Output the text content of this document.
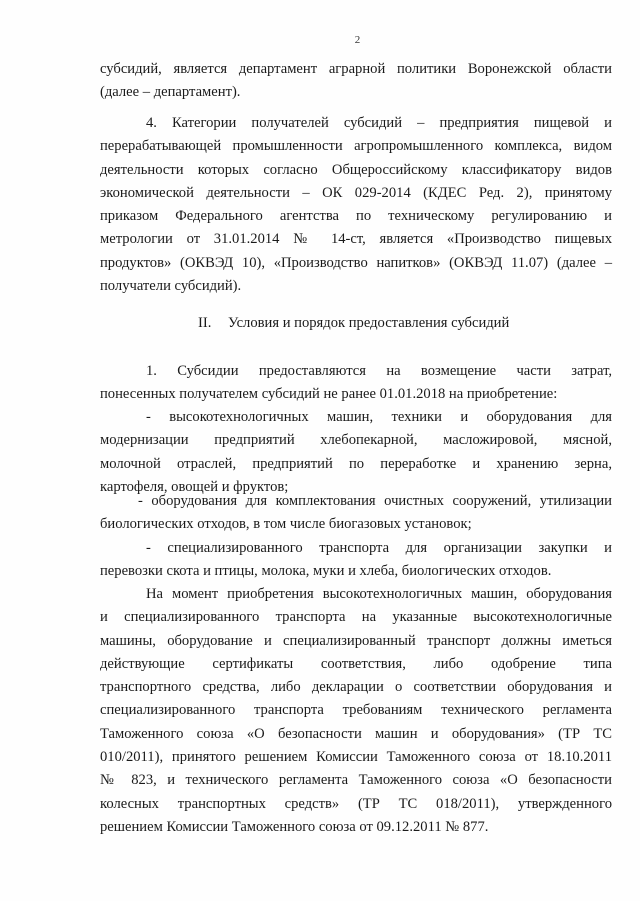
2
субсидий, является департамент аграрной политики Воронежской области
(далее – департамент).
4. Категории получателей субсидий – предприятия пищевой и
перерабатывающей промышленности агропромышленного комплекса, видом
деятельности которых согласно Общероссийскому классификатору видов
экономической деятельности – ОК 029-2014 (КДЕС Ред. 2), принятому
приказом Федерального агентства по техническому регулированию и
метрологии от 31.01.2014 № 14-ст, является «Производство пищевых
продуктов» (ОКВЭД 10), «Производство напитков» (ОКВЭД 11.07) (далее –
получатели субсидий).
II. Условия и порядок предоставления субсидий
1. Субсидии предоставляются на возмещение части затрат,
понесенных получателем субсидий не ранее 01.01.2018 на приобретение:
- высокотехнологичных машин, техники и оборудования для
модернизации предприятий хлебопекарной, масложировой, мясной,
молочной отраслей, предприятий по переработке и хранению зерна,
картофеля, овощей и фруктов;
- оборудования для комплектования очистных сооружений, утилизации
биологических отходов, в том числе биогазовых установок;
- специализированного транспорта для организации закупки и
перевозки скота и птицы, молока, муки и хлеба, биологических отходов.
На момент приобретения высокотехнологичных машин, оборудования
и специализированного транспорта на указанные высокотехнологичные
машины, оборудование и специализированный транспорт должны иметься
действующие сертификаты соответствия, либо одобрение типа
транспортного средства, либо декларации о соответствии оборудования и
специализированного транспорта требованиям технического регламента
Таможенного союза «О безопасности машин и оборудования» (ТР ТС
010/2011), принятого решением Комиссии Таможенного союза от 18.10.2011
№ 823, и технического регламента Таможенного союза «О безопасности
колесных транспортных средств» (ТР ТС 018/2011), утвержденного
решением Комиссии Таможенного союза от 09.12.2011 № 877.
